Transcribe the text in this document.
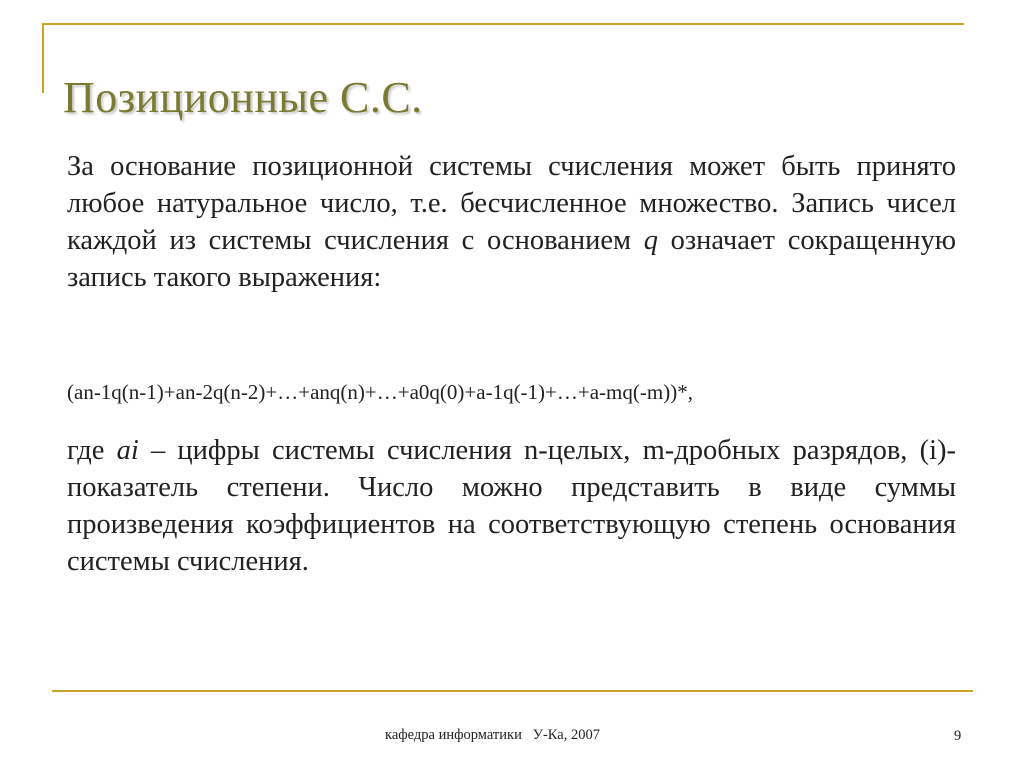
Позиционные С.С.
За основание позиционной системы счисления может быть принято любое натуральное число, т.е. бесчисленное множество. Запись чисел каждой из системы счисления с основанием q означает сокращенную запись такого выражения:
(an-1q(n-1)+an-2q(n-2)+…+anq(n)+…+a0q(0)+a-1q(-1)+…+a-mq(-m))*,
где ai – цифры системы счисления n-целых, m-дробных разрядов, (i)-показатель степени. Число можно представить в виде суммы произведения коэффициентов на соответствующую степень основания системы счисления.
кафедра информатики   У-Ка, 2007	9
